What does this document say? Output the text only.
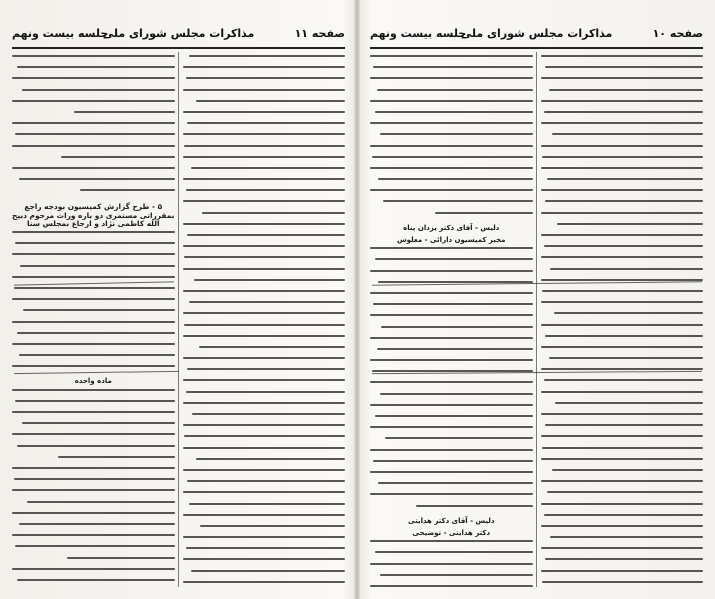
صفحه ۱۱
مذاکرات مجلس شورای ملی
جلسه بیست ونهم
۵ - طرح گزارش کمیسیون بودجه راجع بمقرراتی مستمری دو باره وراث مرحوم دبیح الله کاظمی نژاد و ارجاع بمجلس سنا
ماده واحده
صفحه ۱۰
مذاکرات مجلس شورای ملی
جلسه بیست ونهم
دلیس - آقای دکتر یزدان پناه
مخبر کمیسیون دارائی - معلوس
دلیس - آقای دکتر هدایتی
دکتر هدایتی - توضیحی
